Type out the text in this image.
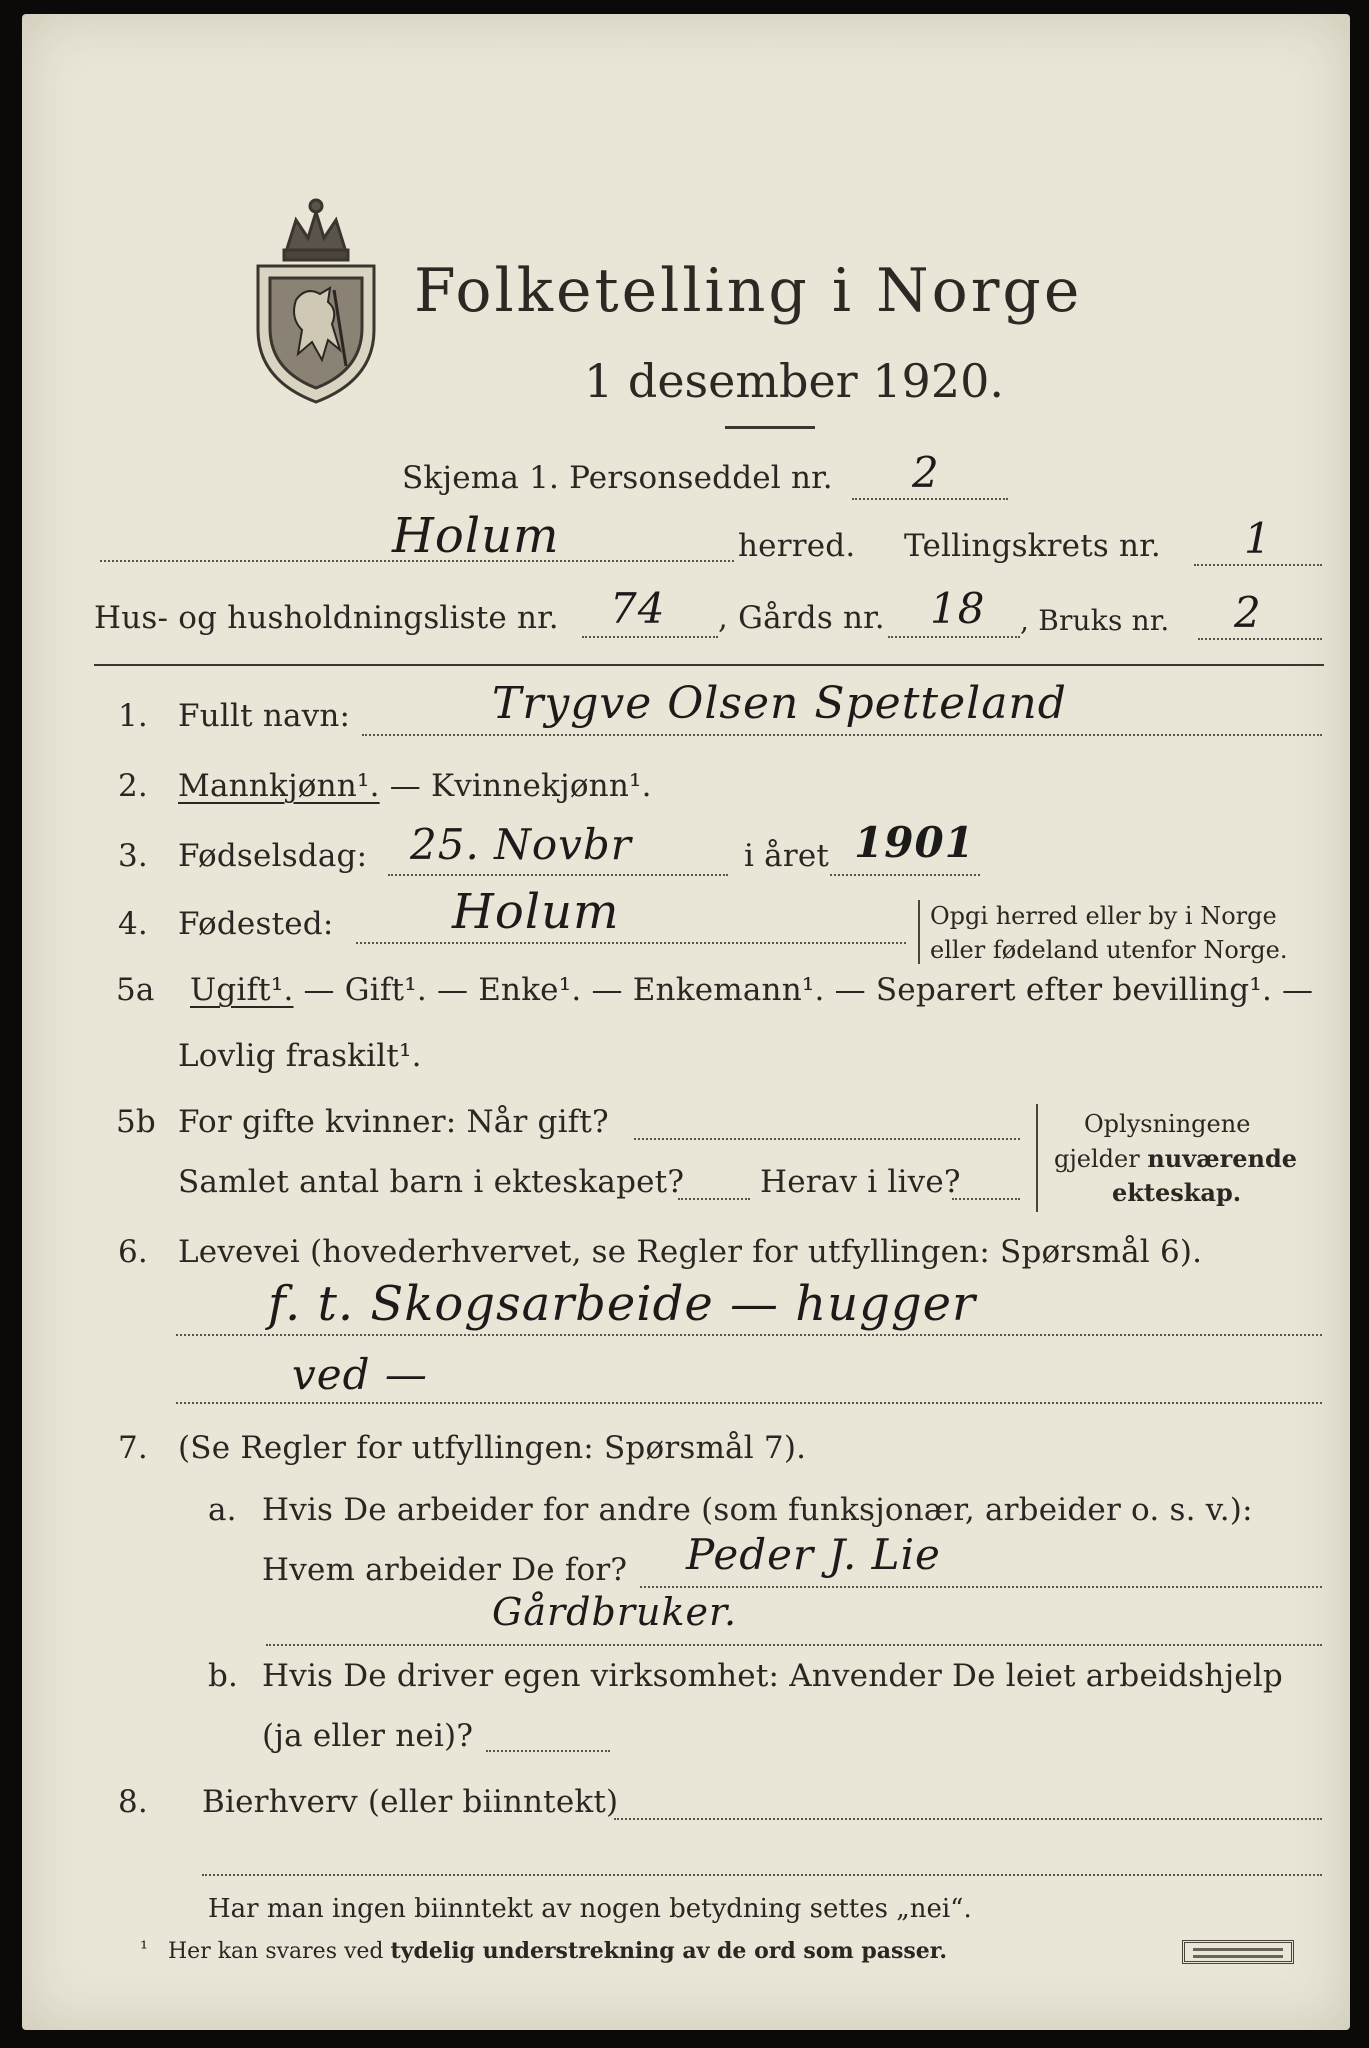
Folketelling i Norge
1 desember 1920.
Skjema 1. Personseddel nr. 2
Holum	herred. Tellingskrets nr. 1
Hus- og husholdningsliste nr. 74 , Gårds nr. 18 , Bruks nr. 2
1. Fullt navn:	Trygve Olsen Spetteland
2. Mannkjønn¹. — Kvinnekjønn¹.
3. Fødselsdag: 25. Novbr	i året 1901
4. Fødested: Holum	Opgi herred eller by i Norge
eller fødeland utenfor Norge.
5a Ugift¹. — Gift¹. — Enke¹. — Enkemann¹. — Separert efter bevilling¹. —
Lovlig fraskilt¹.
5b For gifte kvinner: Når gift?
Samlet antal barn i ekteskapet? Herav i live?
Oplysningene
gjelder nuværende
ekteskap.
6. Levevei (hovederhvervet, se Regler for utfyllingen: Spørsmål 6).
f. t. Skogsarbeide — hugger
ved —
7. (Se Regler for utfyllingen: Spørsmål 7).
a. Hvis De arbeider for andre (som funksjonær, arbeider o. s. v.):
Hvem arbeider De for? Peder J. Lie
Gårdbruker.
b. Hvis De driver egen virksomhet: Anvender De leiet arbeidshjelp
(ja eller nei)?
8. Bierhverv (eller biinntekt)
Har man ingen biinntekt av nogen betydning settes „nei“.
¹ Her kan svares ved tydelig understrekning av de ord som passer.
